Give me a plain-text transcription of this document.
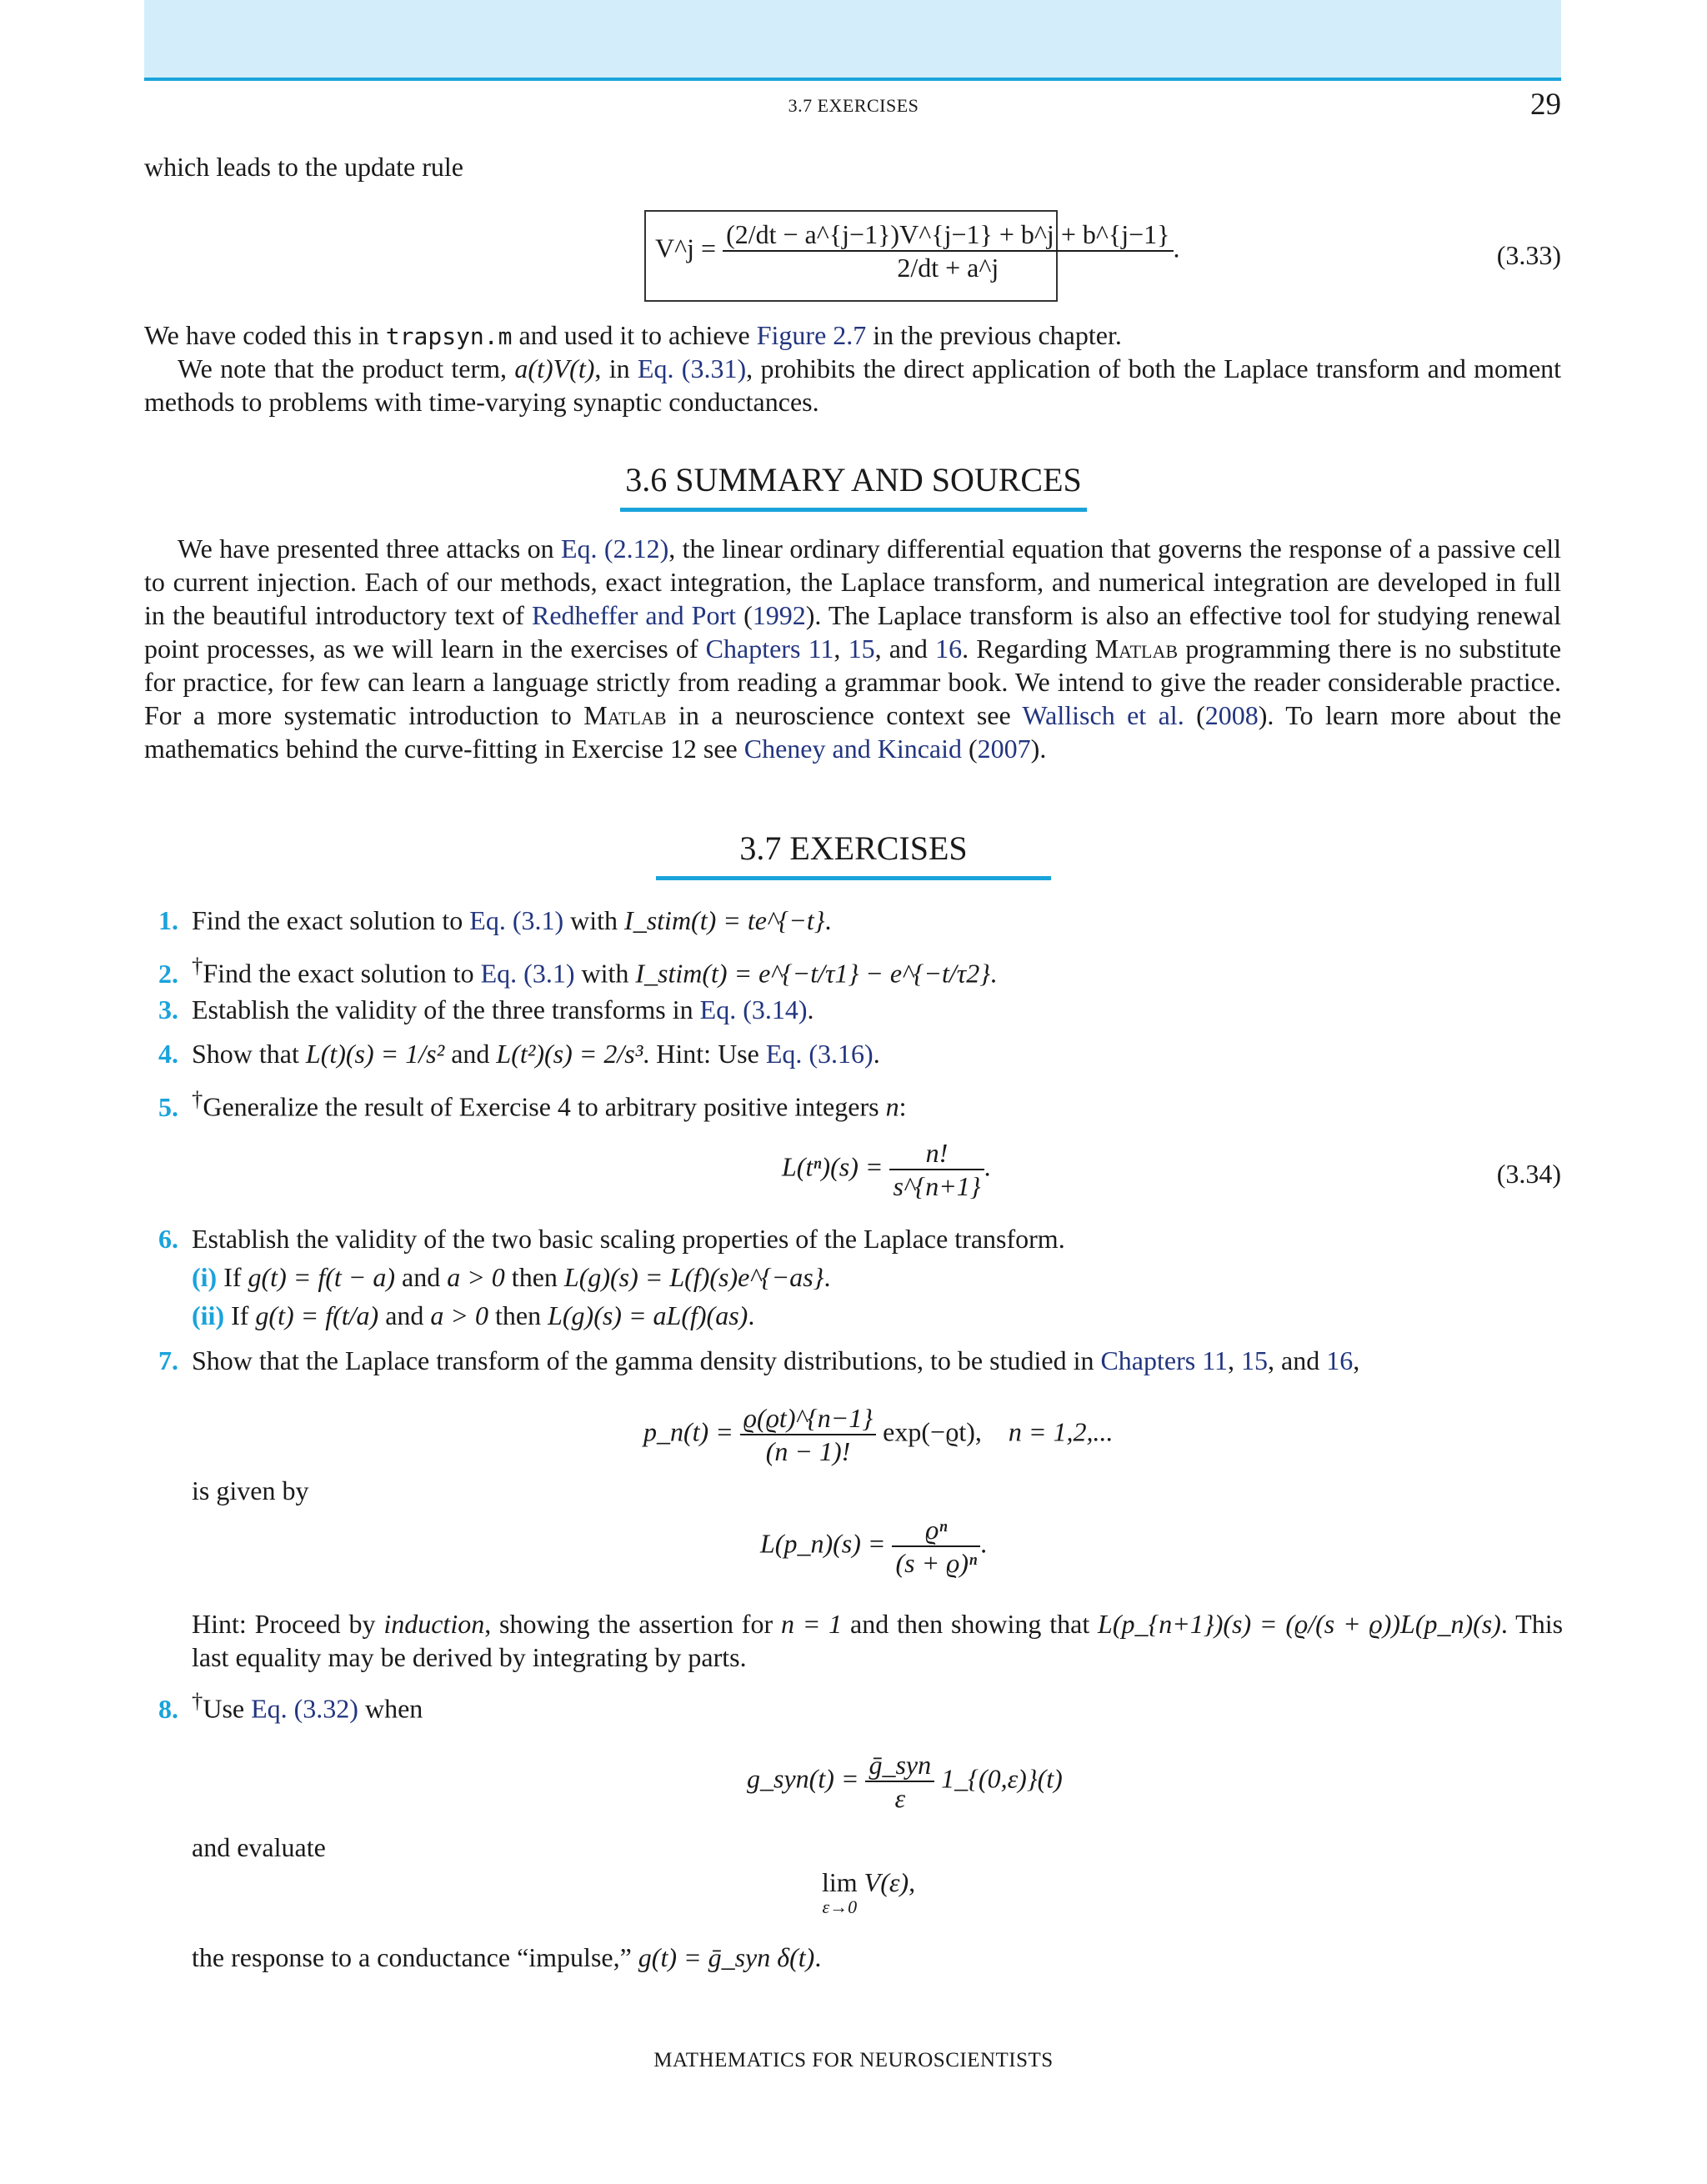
3.7 EXERCISES	29
which leads to the update rule
V^j = $\frac{(2/dt - a\^{}\{j-1\})V\^{}\{j-1\} + b\^{}j + b\^{}\{j-1\}}{2/dt + a\^{}j}$ .	(3.33)
We have coded this in trapsyn.m and used it to achieve Figure 2.7 in the previous chapter.
We note that the product term, a(t)V(t), in Eq. (3.31), prohibits the direct application of both the Laplace transform and moment methods to problems with time-varying synaptic conductances.
3.6 SUMMARY AND SOURCES
We have presented three attacks on Eq. (2.12), the linear ordinary differential equation that governs the response of a passive cell to current injection. Each of our methods, exact integration, the Laplace transform, and numerical integration are developed in full in the beautiful introductory text of Redheffer and Port (1992). The Laplace transform is also an effective tool for studying renewal point processes, as we will learn in the exercises of Chapters 11, 15, and 16. Regarding Matlab programming there is no substitute for practice, for few can learn a language strictly from reading a grammar book. We intend to give the reader considerable practice. For a more systematic introduction to Matlab in a neuroscience context see Wallisch et al. (2008). To learn more about the mathematics behind the curve-fitting in Exercise 12 see Cheney and Kincaid (2007).
3.7 EXERCISES
1. Find the exact solution to Eq. (3.1) with I_stim(t) = te^{−t}.
2. †Find the exact solution to Eq. (3.1) with I_stim(t) = e^{−t/τ1} − e^{−t/τ2}.
3. Establish the validity of the three transforms in Eq. (3.14).
4. Show that L(t)(s) = 1/s² and L(t²)(s) = 2/s³. Hint: Use Eq. (3.16).
5. †Generalize the result of Exercise 4 to arbitrary positive integers n:
$L(t^n)(s) = \frac{n!}{s\^{}\{n+1\}}$ .	(3.34)
6. Establish the validity of the two basic scaling properties of the Laplace transform.
(i) If g(t) = f(t − a) and a > 0 then L(g)(s) = L(f)(s)e^{−as}.
(ii) If g(t) = f(t/a) and a > 0 then L(g)(s) = aL(f)(as).
7. Show that the Laplace transform of the gamma density distributions, to be studied in Chapters 11, 15, and 16,
p_n(t) = $\frac{ϱ(ϱt)\^{}\{n-1\}}{(n - 1)!} \exp(-ϱt)$, n = 1,2,...
is given by
L(p_n)(s) = $\frac{\text{ϱⁿ}}{\text{(s + ϱ)ⁿ}}$ .
Hint: Proceed by induction, showing the assertion for n = 1 and then showing that L(p_{n+1})(s) = (ϱ/(s + ϱ))L(p_n)(s). This last equality may be derived by integrating by parts.
8. †Use Eq. (3.32) when
g_syn(t) = $\frac{\text{ḡ\_syn}}{\varepsilon}$ 1_{(0,ε)}(t)
and evaluate
lim
ε→0
V(ε),
the response to a conductance “impulse,” g(t) = ḡ_syn δ(t).
MATHEMATICS FOR NEUROSCIENTISTS
